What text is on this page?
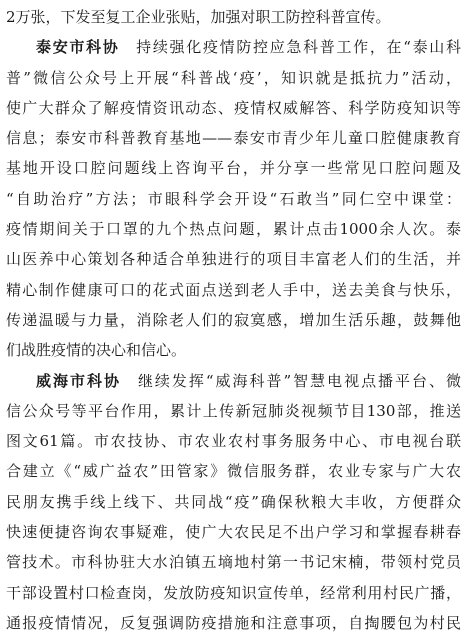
2万张，下发至复工企业张贴，加强对职工防控科普宣传。
泰安市科协　 持续强化疫情防控应急科普工作，在“泰山科
普”微信公众号上开展“科普战‘疫’，知识就是抵抗力”活动，
使广大群众了解疫情资讯动态、疫情权威解答、科学防疫知识等
信息；泰安市科普教育基地——泰安市青少年儿童口腔健康教育
基地开设口腔问题线上咨询平台，并分享一些常见口腔问题及
“自助治疗”方法；市眼科学会开设“石敢当”同仁空中课堂：
疫情期间关于口罩的九个热点问题，累计点击1000余人次。泰
山医养中心策划各种适合单独进行的项目丰富老人们的生活，并
精心制作健康可口的花式面点送到老人手中，送去美食与快乐，
传递温暖与力量，消除老人们的寂寞感，增加生活乐趣，鼓舞他
们战胜疫情的决心和信心。
威海市科协　 继续发挥“威海科普”智慧电视点播平台、微
信公众号等平台作用，累计上传新冠肺炎视频节目130部，推送
图文61篇。市农技协、市农业农村事务服务中心、市电视台联
合建立《“威广益农”田管家》微信服务群，农业专家与广大农
民朋友携手线上线下、共同战“疫”确保秋粮大丰收，方便群众
快速便捷咨询农事疑难，使广大农民足不出户学习和掌握春耕春
管技术。市科协驻大水泊镇五墒地村第一书记宋楠，带领村党员
干部设置村口检查岗，发放防疫知识宣传单，经常利用村民广播，
通报疫情情况，反复强调防疫措施和注意事项，自掏腰包为村民
